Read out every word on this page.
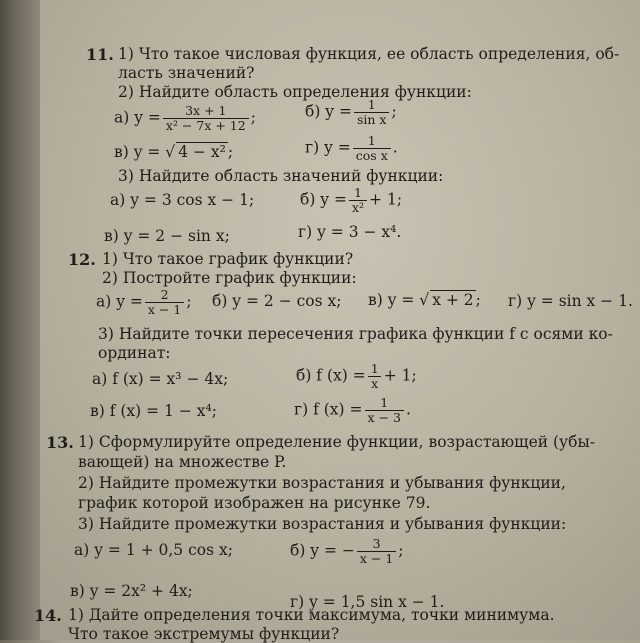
11. 1) Что такое числовая функция, ее область определения, об-
ласть значений?
2) Найдите область определения функции:
а) $y = \frac{3x + 1}{\text{x² − 7x + 12}}$ ;	б) $y = \frac{1}{\text{sin x}}$ ;
в) y = √ 4 − x² ;	г) $y = \frac{1}{\text{cos x}}$ .
3) Найдите область значений функции:
а) y = 3 cos x − 1;	б) $y = \frac{1}{\text{x²}} + 1$;
в) y = 2 − sin x;	г) y = 3 − x⁴.
12. 1) Что такое график функции?
2) Постройте график функции:
а) $y = \frac{2}{x - 1}$ ; б) y = 2 − cos x; в) y = √ x + 2 ; г) y = sin x − 1.
3) Найдите точки пересечения графика функции f с осями ко-
ординат:
а) f (x) = x³ − 4x;	б) f $(x) = \frac{1}{x} + 1$;
в) f (x) = 1 − x⁴;	г) f $(x) = \frac{1}{x - 3}$ .
13. 1) Сформулируйте определение функции, возрастающей (убы-
вающей) на множестве P.
2) Найдите промежутки возрастания и убывания функции,
график которой изображен на рисунке 79.
3) Найдите промежутки возрастания и убывания функции:
а) y = 1 + 0,5 cos x;	б) y = − $\frac{3}{x - 1}$ ;
в) y = 2x² + 4x;
г) y = 1,5 sin x − 1.
14. 1) Дайте определения точки максимума, точки минимума.
Что такое экстремумы функции?
